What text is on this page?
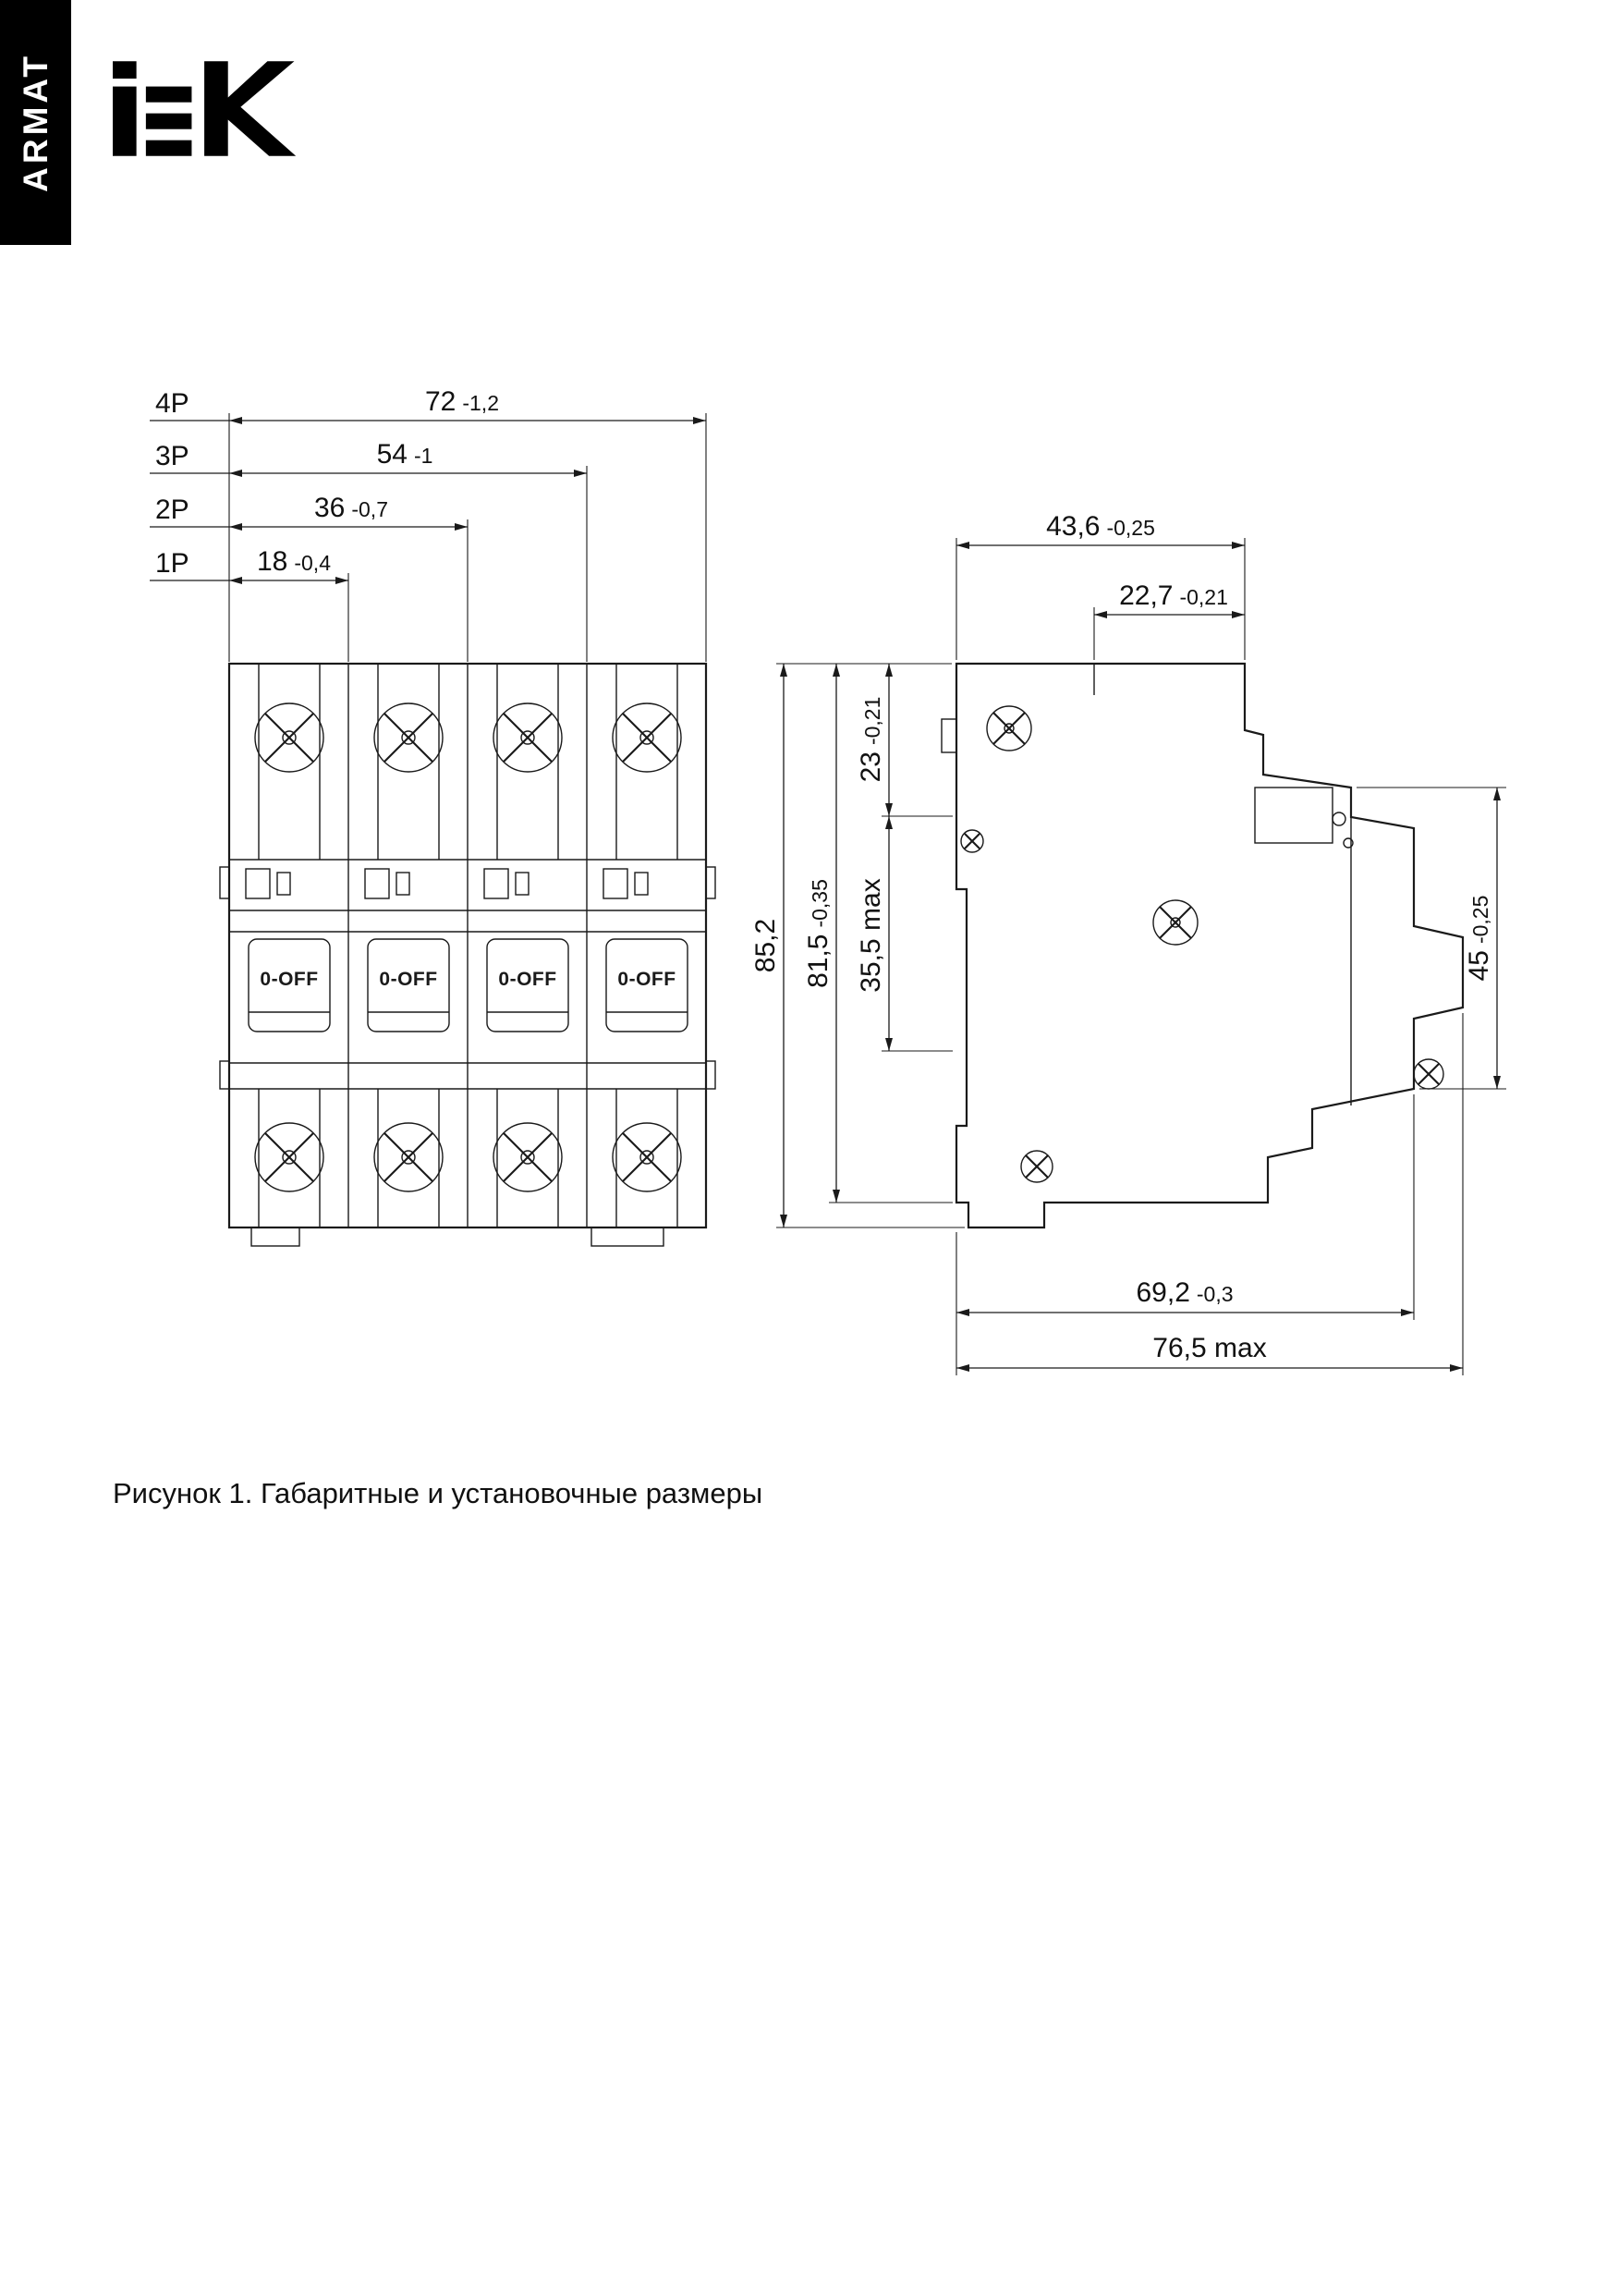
ARMAT
0-OFF	0-OFF	0-OFF	0-OFF
4P	72 -1,2
3P	54 -1
2P	36 -0,7
1P 18 -0,4
43,6 -0,25
22,7 -0,21
85,2 81,5-0,35
23-0,21
35,5 max	45-0,25
69,2 -0,3
76,5 max
Рисунок 1. Габаритные и установочные размеры
